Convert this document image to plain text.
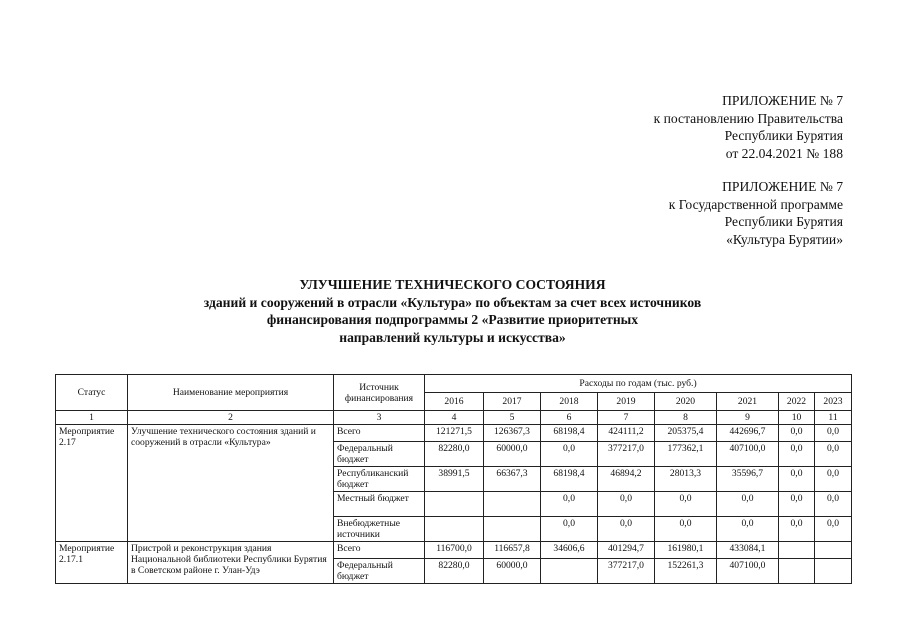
ПРИЛОЖЕНИЕ № 7
к постановлению Правительства
Республики Бурятия
от 22.04.2021 № 188
ПРИЛОЖЕНИЕ № 7
к Государственной программе
Республики Бурятия
«Культура Бурятии»
УЛУЧШЕНИЕ ТЕХНИЧЕСКОГО СОСТОЯНИЯ
зданий и сооружений в отрасли «Культура» по объектам за счет всех источников
финансирования подпрограммы 2 «Развитие приоритетных
направлений культуры и искусства»
Статус	Наименование мероприятия	Источник финансирования	Расходы по годам (тыс. руб.)							
			2016	2017	2018	2019	2020	2021	2022	2023
1	2	3	4	5	6	7	8	9	10	11
Мероприятие 2.17	Улучшение технического состояния зданий и сооружений в отрасли «Культура»	Всего	121271,5	126367,3	68198,4	424111,2	205375,4	442696,7	0,0	0,0
		Федеральный бюджет	82280,0	60000,0	0,0	377217,0	177362,1	407100,0	0,0	0,0
		Республиканский бюджет	38991,5	66367,3	68198,4	46894,2	28013,3	35596,7	0,0	0,0
		Местный бюджет			0,0	0,0	0,0	0,0	0,0	0,0
		Внебюджетные источники			0,0	0,0	0,0	0,0	0,0	0,0
Мероприятие 2.17.1	Пристрой и реконструкция здания Национальной библиотеки Республики Бурятия в Советском районе г. Улан-Удэ	Всего	116700,0	116657,8	34606,6	401294,7	161980,1	433084,1		
		Федеральный бюджет	82280,0	60000,0		377217,0	152261,3	407100,0		
